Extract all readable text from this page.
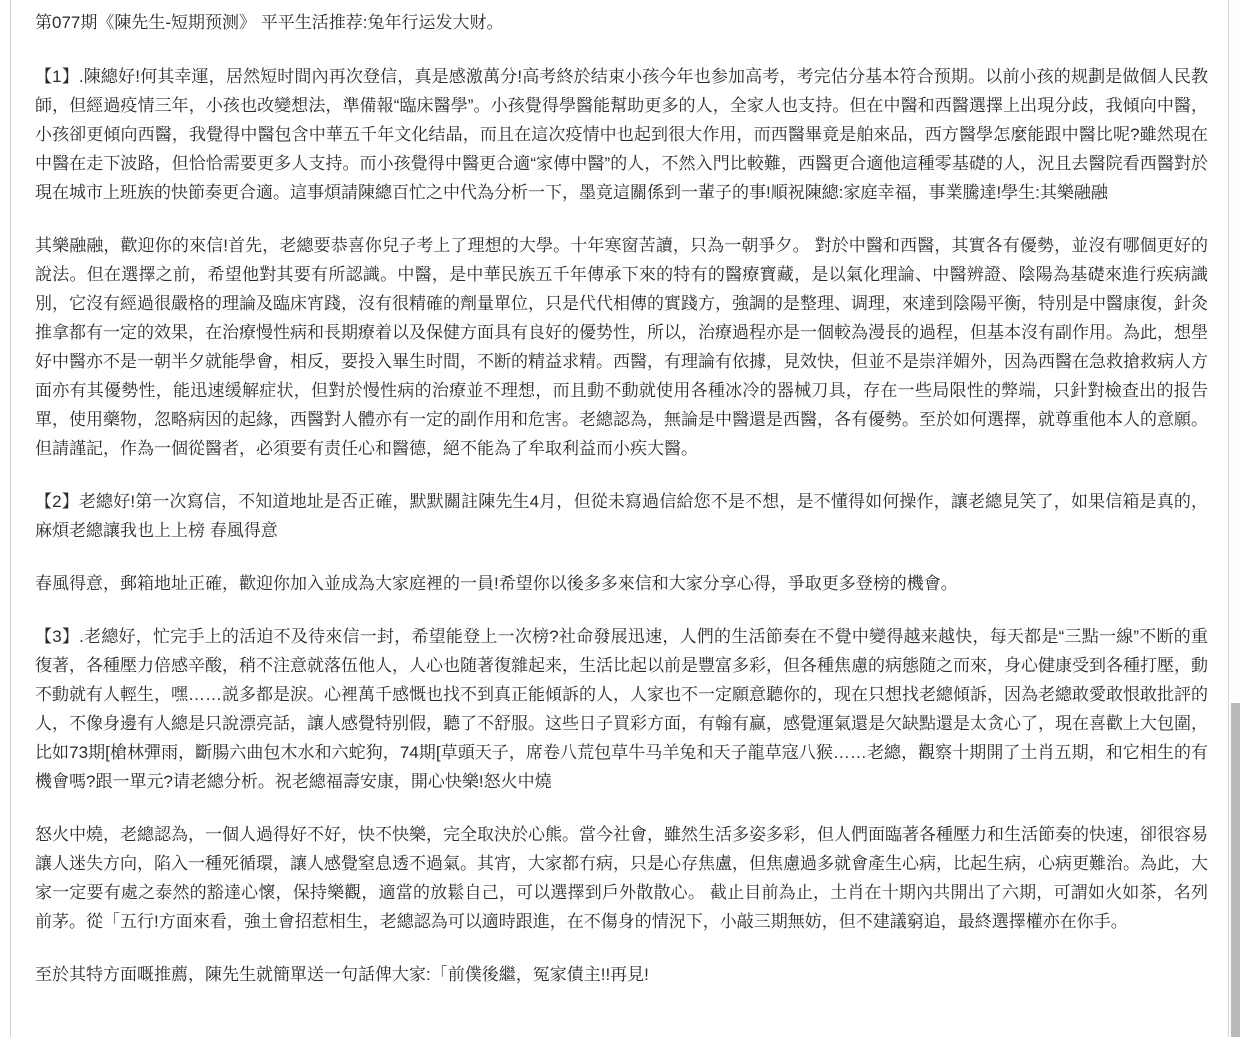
第077期《陳先生-短期预测》 平平生活推荐:兔年行运发大财。

【1】.陳總好!何其幸運，居然短时間內再次登信，真是感激萬分!高考終於结束小孩今年也参加高考，考完估分基本符合预期。以前小孩的规劃是做個人民教師，但經過疫情三年，小孩也改變想法，準備報“臨床醫學”。小孩覺得學醫能幫助更多的人，全家人也支持。但在中醫和西醫選擇上出現分歧，我傾向中醫，小孩卻更傾向西醫，我覺得中醫包含中華五千年文化结晶，而且在這次疫情中也起到很大作用，而西醫畢竟是舶來品，西方醫學怎麼能跟中醫比呢?雖然現在中醫在走下波路，但恰恰需要更多人支持。而小孩覺得中醫更合適“家傳中醫”的人，不然入門比較難，西醫更合適他這種零基礎的人，況且去醫院看西醫對於現在城市上班族的快節奏更合適。這事煩請陳總百忙之中代為分析一下，墨竟這關係到一輩子的事!順祝陳總:家庭幸福，事業騰達!學生:其樂融融

其樂融融，歡迎你的來信!首先，老總要恭喜你兒子考上了理想的大學。十年寒窗苦讀，只為一朝爭夕。 對於中醫和西醫，其實各有優勢，並沒有哪個更好的說法。但在選擇之前，希望他對其要有所認識。中醫，是中華民族五千年傳承下來的特有的醫療寶藏，是以氣化理論、中醫辨證、陰陽為基礎來進行疾病識別，它沒有經過很嚴格的理論及臨床宵踐，沒有很精確的劑量單位，只是代代相傳的實踐方，強調的是整理、调理，來達到陰陽平衡，特別是中醫康復，針灸推拿都有一定的效果，在治療慢性病和長期療着以及保健方面具有良好的優势性，所以，治療過程亦是一個較為漫長的過程，但基本沒有副作用。為此，想壆好中醫亦不是一朝半夕就能學會，相反，要投入畢生时間，不断的精益求精。西醫，有理論有依據，見效快，但並不是崇洋媚外，因為西醫在急救搶救病人方面亦有其優勢性，能迅速缓解症状，但對於慢性病的治療並不理想，而且動不動就使用各種冰冷的器械刀具，存在一些局限性的弊端，只針對檢查出的报告單，使用藥物，忽略病因的起緣，西醫對人體亦有一定的副作用和危害。老總認為，無論是中醫還是西醫，各有優勢。至於如何選擇，就尊重他本人的意願。但請謹記，作為一個從醫者，必須要有责任心和醫德，絕不能為了牟取利益而小疾大醫。

【2】老總好!第一次寫信，不知道地址是否正確，默默關註陳先生4月，但從未寫過信給您不是不想，是不懂得如何操作，讓老總見笑了，如果信箱是真的，麻煩老總讓我也上上榜 春風得意

春風得意，郵箱地址正確，歡迎你加入並成為大家庭裡的一員!希望你以後多多來信和大家分享心得，爭取更多登榜的機會。

【3】.老總好，忙完手上的活迫不及待來信一封，希望能登上一次榜?社命發展迅速，人們的生活節奏在不覺中變得越来越快，每天都是“三點一線”不断的重復著，各種壓力倍感辛酸，稍不注意就落伍他人，人心也随著復雜起来，生活比起以前是豐富多彩，但各種焦慮的病態随之而來，身心健康受到各種打壓，動不動就有人輕生，嘿……説多都是淚。心裡萬千感慨也找不到真正能傾訴的人，人家也不一定願意聽你的，现在只想找老總傾訴，因為老總敢愛敢恨敢批評的人，不像身邊有人總是只說漂亮話，讓人感覺特别假，聽了不舒服。这些日子買彩方面，有翰有赢，感覺運氣還是欠缺點還是太贪心了，現在喜歡上大包圍，比如73期[槍林彈雨，斷腸六曲包木水和六蛇狗，74期[草頭天子，席卷八荒包草牛马羊兔和天子龍草寇八猴……老總，觀察十期開了土肖五期，和它相生的有機會嗎?跟一單元?请老總分析。祝老總福壽安康，開心快樂!怒火中燒

怒火中燒，老總認為，一個人過得好不好，快不快樂，完全取決於心熊。當今社會，雖然生活多姿多彩，但人們面臨著各種壓力和生活節奏的快速，卻很容易讓人迷失方向，陷入一種死循環，讓人感覺窒息透不過氣。其宵，大家都冇病，只是心存焦盧，但焦慮過多就會產生心病，比起生病，心病更難治。為此，大家一定要有處之泰然的豁達心懷，保持樂觀，適當的放鬆自己，可以選擇到戶外散散心。 截止目前為止，土肖在十期內共開出了六期，可謂如火如茶，名列前茅。從「五行!方面來看，強土會招惹相生，老總認為可以適時跟進，在不傷身的情況下，小敲三期無妨，但不建議窮追，最終選擇權亦在你手。

至於其特方面嘅推薦，陳先生就簡單送一句話俾大家:「前僕後繼，冤家債主!!再見!
